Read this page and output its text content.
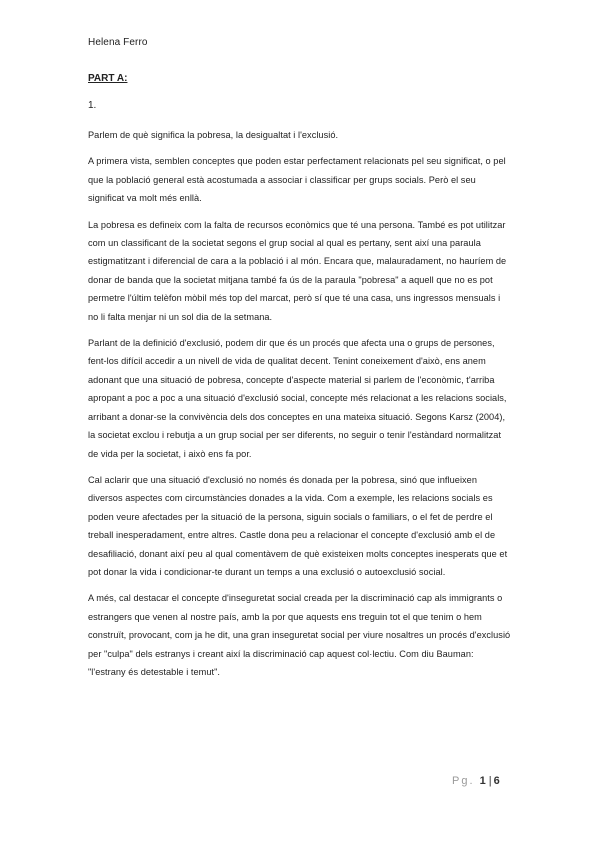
Helena Ferro
PART A:
1.

Parlem de què significa la pobresa, la desigualtat i l'exclusió.

A primera vista, semblen conceptes que poden estar perfectament relacionats pel seu significat, o pel que la població general està acostumada a associar i classificar per grups socials. Però el seu significat va molt més enllà.

La pobresa es defineix com la falta de recursos econòmics que té una persona. També es pot utilitzar com un classificant de la societat segons el grup social al qual es pertany, sent així una paraula estigmatitzant i diferencial de cara a la població i al món. Encara que, malauradament, no hauríem de donar de banda que la societat mitjana també fa ús de la paraula "pobresa" a aquell que no es pot permetre l'últim telèfon mòbil més top del marcat, però sí que té una casa, uns ingressos mensuals i no li falta menjar ni un sol dia de la setmana.

Parlant de la definició d'exclusió, podem dir que és un procés que afecta una o grups de persones, fent-los difícil accedir a un nivell de vida de qualitat decent. Tenint coneixement d'això, ens anem adonant que una situació de pobresa, concepte d'aspecte material si parlem de l'econòmic, t'arriba apropant a poc a poc a una situació d'exclusió social, concepte més relacionat a les relacions socials, arribant a donar-se la convivència dels dos conceptes en una mateixa situació. Segons Karsz (2004), la societat exclou i rebutja a un grup social per ser diferents, no seguir o tenir l'estàndard normalitzat de vida per la societat, i això ens fa por.

Cal aclarir que una situació d'exclusió no només és donada per la pobresa, sinó que influeixen diversos aspectes com circumstàncies donades a la vida. Com a exemple, les relacions socials es poden veure afectades per la situació de la persona, siguin socials o familiars, o el fet de perdre el treball inesperadament, entre altres. Castle dona peu a relacionar el concepte d'exclusió amb el de desafiliació, donant així peu al qual comentàvem de què existeixen molts conceptes inesperats que et pot donar la vida i condicionar-te durant un temps a una exclusió o autoexclusió social.

A més, cal destacar el concepte d'inseguretat social creada per la discriminació cap als immigrants o estrangers que venen al nostre país, amb la por que aquests ens treguin tot el que tenim o hem construït, provocant, com ja he dit, una gran inseguretat social per viure nosaltres un procés d'exclusió per "culpa" dels estranys i creant així la discriminació cap aquest col·lectiu. Com diu Bauman: "l'estrany és detestable i temut".

Pg. 1 | 6
